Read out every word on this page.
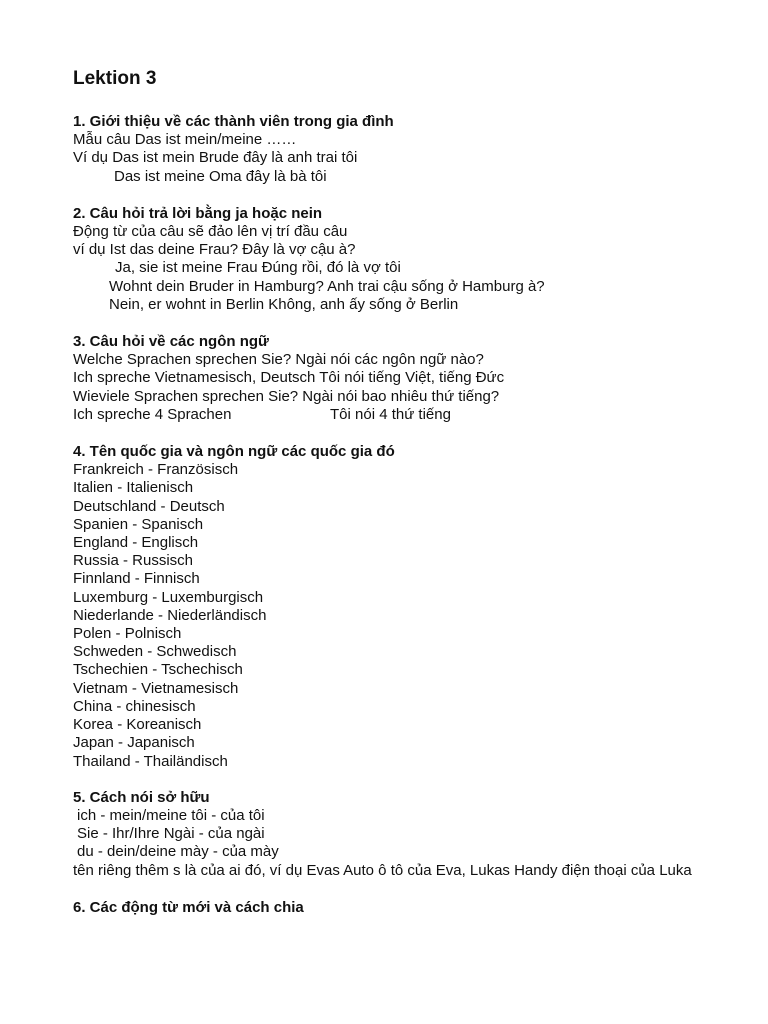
Lektion 3

1. Giới thiệu về các thành viên trong gia đình

Mẫu câu Das ist mein/meine ……

Ví dụ Das ist mein Brude đây là anh trai tôi

Das ist meine Oma đây là bà tôi

2. Câu hỏi trả lời bằng ja hoặc nein

Động từ của câu sẽ đảo lên vị trí đầu câu

ví dụ Ist das deine Frau? Đây là vợ cậu à?

Ja, sie ist meine Frau Đúng rồi, đó là vợ tôi

Wohnt dein Bruder in Hamburg? Anh trai cậu sống ở Hamburg à?

Nein, er wohnt in Berlin Không, anh ấy sống ở Berlin

3. Câu hỏi về các ngôn ngữ

Welche Sprachen sprechen Sie? Ngài nói các ngôn ngữ nào?

Ich spreche Vietnamesisch, Deutsch Tôi nói tiếng Việt, tiếng Đức

Wieviele Sprachen sprechen Sie? Ngài nói bao nhiêu thứ tiếng?

Ich spreche 4 Sprachen	Tôi nói 4 thứ tiếng

4. Tên quốc gia và ngôn ngữ các quốc gia đó

Frankreich - Französisch

Italien - Italienisch

Deutschland - Deutsch

Spanien - Spanisch

England - Englisch

Russia - Russisch

Finnland - Finnisch

Luxemburg - Luxemburgisch

Niederlande - Niederländisch

Polen - Polnisch

Schweden - Schwedisch

Tschechien - Tschechisch

Vietnam - Vietnamesisch

China - chinesisch

Korea - Koreanisch

Japan - Japanisch

Thailand - Thailändisch

5. Cách nói sở hữu

ich - mein/meine tôi - của tôi

Sie - Ihr/Ihre Ngài - của ngài

du - dein/deine mày - của mày

tên riêng thêm s là của ai đó, ví dụ Evas Auto ô tô của Eva, Lukas Handy điện thoại của Luka

6. Các động từ mới và cách chia
